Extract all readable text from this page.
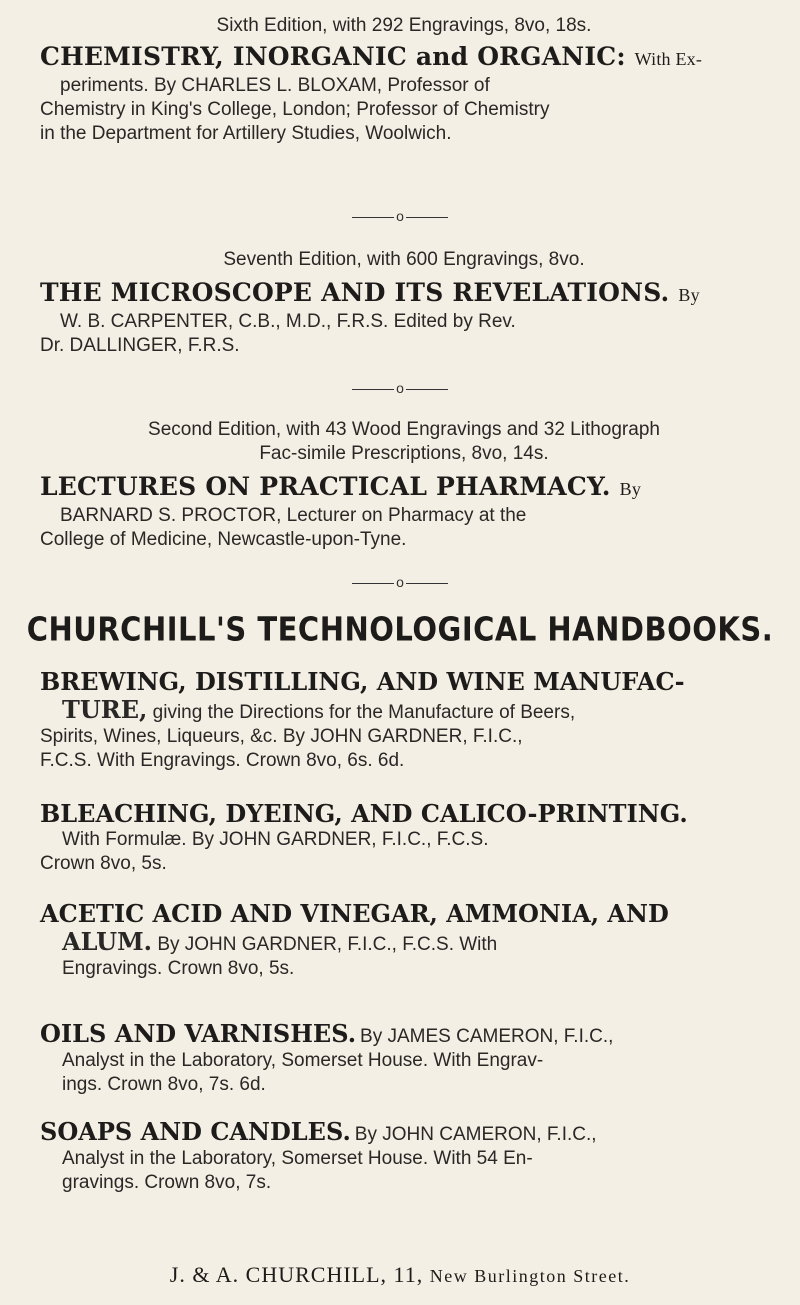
Sixth Edition, with 292 Engravings, 8vo, 18s.
CHEMISTRY, INORGANIC and ORGANIC: With Ex-
periments. By CHARLES L. BLOXAM, Professor of
Chemistry in King's College, London; Professor of Chemistry
in the Department for Artillery Studies, Woolwich.
o
Seventh Edition, with 600 Engravings, 8vo.
THE MICROSCOPE AND ITS REVELATIONS. By
W. B. CARPENTER, C.B., M.D., F.R.S. Edited by Rev.
Dr. DALLINGER, F.R.S.
o
Second Edition, with 43 Wood Engravings and 32 Lithograph
Fac-simile Prescriptions, 8vo, 14s.
LECTURES ON PRACTICAL PHARMACY. By
BARNARD S. PROCTOR, Lecturer on Pharmacy at the
College of Medicine, Newcastle-upon-Tyne.
o
CHURCHILL'S TECHNOLOGICAL HANDBOOKS.
BREWING, DISTILLING, AND WINE MANUFAC-
TURE, giving the Directions for the Manufacture of Beers,
Spirits, Wines, Liqueurs, &c. By JOHN GARDNER, F.I.C.,
F.C.S. With Engravings. Crown 8vo, 6s. 6d.
BLEACHING, DYEING, AND CALICO-PRINTING.
With Formulæ. By JOHN GARDNER, F.I.C., F.C.S.
Crown 8vo, 5s.
ACETIC ACID AND VINEGAR, AMMONIA, AND
ALUM. By JOHN GARDNER, F.I.C., F.C.S. With
Engravings. Crown 8vo, 5s.
OILS AND VARNISHES. By JAMES CAMERON, F.I.C.,
Analyst in the Laboratory, Somerset House. With Engrav-
ings. Crown 8vo, 7s. 6d.
SOAPS AND CANDLES. By JOHN CAMERON, F.I.C.,
Analyst in the Laboratory, Somerset House. With 54 En-
gravings. Crown 8vo, 7s.
J. & A. CHURCHILL, 11, New Burlington Street.
